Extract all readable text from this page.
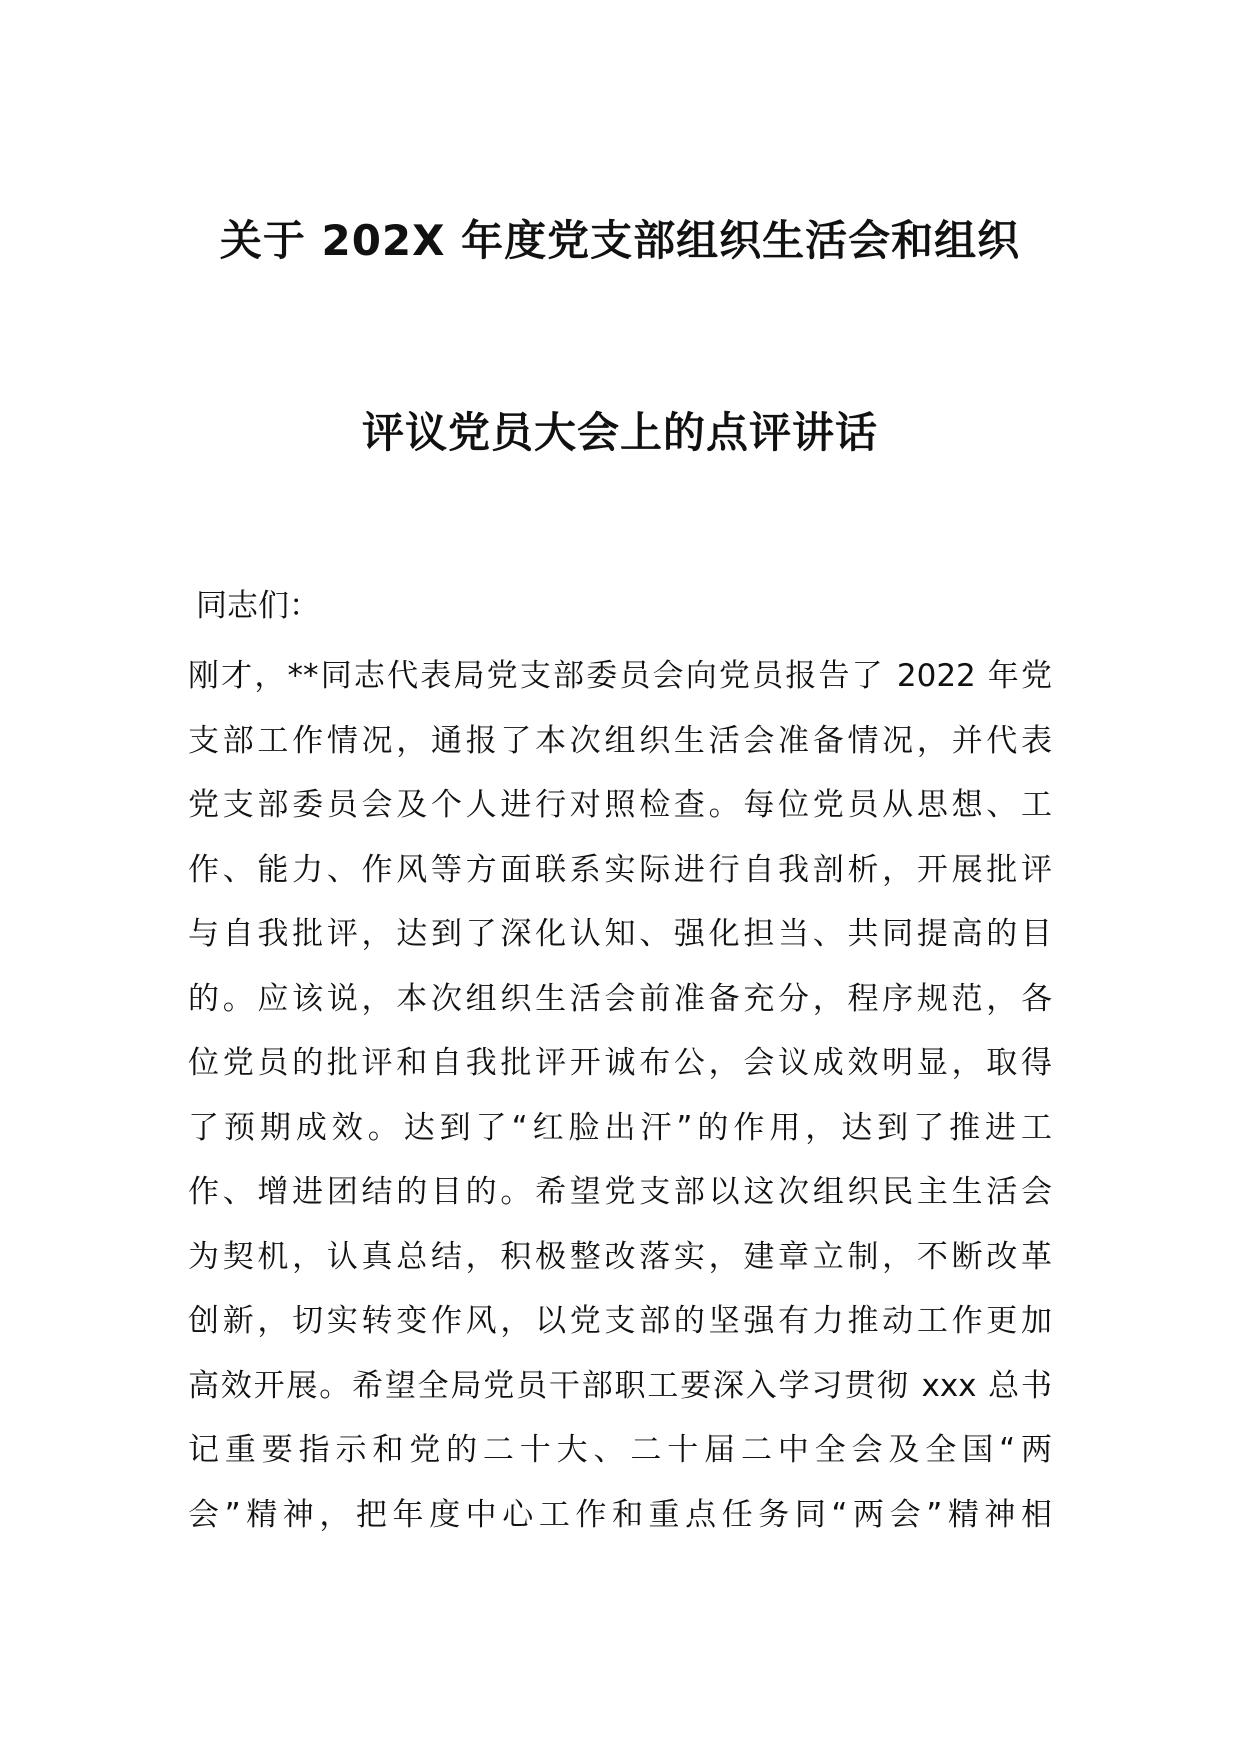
关于 202X 年度党支部组织生活会和组织
评议党员大会上的点评讲话
同志们：
刚才，**同志代表局党支部委员会向党员报告了 2022 年党
支部工作情况，通报了本次组织生活会准备情况，并代表
党支部委员会及个人进行对照检查。每位党员从思想、工
作、能力、作风等方面联系实际进行自我剖析，开展批评
与自我批评，达到了深化认知、强化担当、共同提高的目
的。应该说，本次组织生活会前准备充分，程序规范，各
位党员的批评和自我批评开诚布公，会议成效明显，取得
了预期成效。达到了“红脸出汗”的作用，达到了推进工
作、增进团结的目的。希望党支部以这次组织民主生活会
为契机，认真总结，积极整改落实，建章立制，不断改革
创新，切实转变作风，以党支部的坚强有力推动工作更加
高效开展。希望全局党员干部职工要深入学习贯彻 xxx 总书
记重要指示和党的二十大、二十届二中全会及全国“两
会”精神，把年度中心工作和重点任务同“两会”精神相
